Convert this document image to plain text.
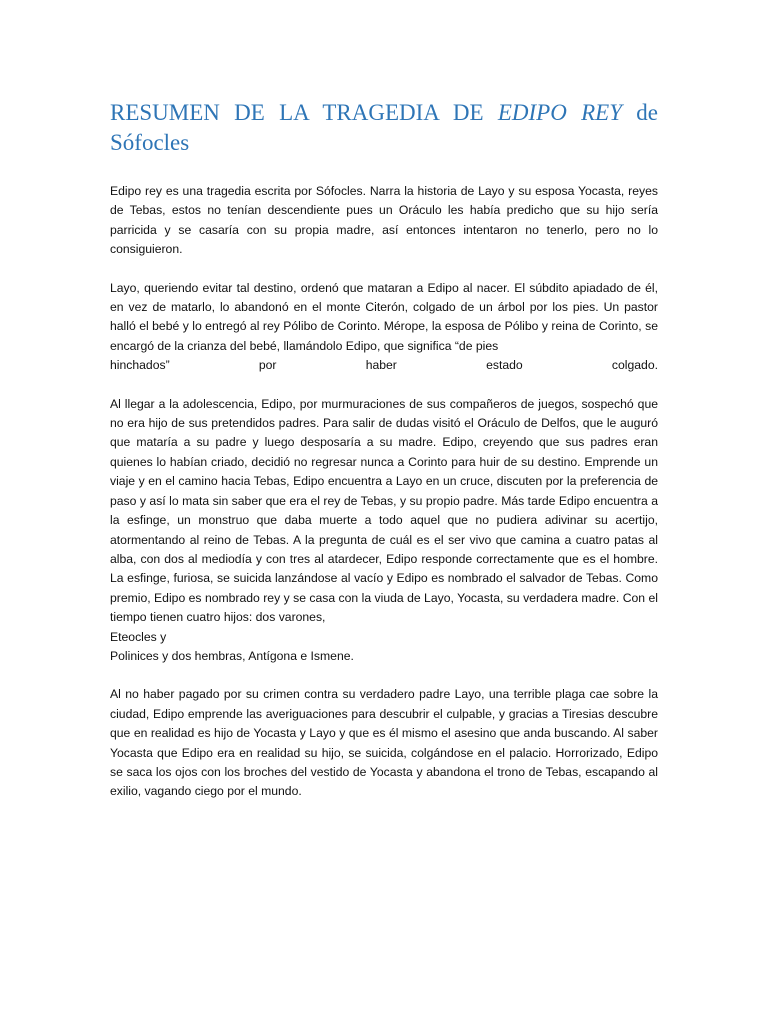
RESUMEN DE LA TRAGEDIA DE EDIPO REY de Sófocles

Edipo rey es una tragedia escrita por Sófocles. Narra la historia de Layo y su esposa Yocasta, reyes de Tebas, estos no tenían descendiente pues un Oráculo les había predicho que su hijo sería parricida y se casaría con su propia madre, así entonces intentaron no tenerlo, pero no lo consiguieron.

Layo, queriendo evitar tal destino, ordenó que mataran a Edipo al nacer. El súbdito apiadado de él, en vez de matarlo, lo abandonó en el monte Citerón, colgado de un árbol por los pies. Un pastor halló el bebé y lo entregó al rey Pólibo de Corinto. Mérope, la esposa de Pólibo y reina de Corinto, se encargó de la crianza del bebé, llamándolo Edipo, que significa “de pies
hinchados” por haber estado colgado.

Al llegar a la adolescencia, Edipo, por murmuraciones de sus compañeros de juegos, sospechó que no era hijo de sus pretendidos padres. Para salir de dudas visitó el Oráculo de Delfos, que le auguró que mataría a su padre y luego desposaría a su madre. Edipo, creyendo que sus padres eran quienes lo habían criado, decidió no regresar nunca a Corinto para huir de su destino. Emprende un viaje y en el camino hacia Tebas, Edipo encuentra a Layo en un cruce, discuten por la preferencia de paso y así lo mata sin saber que era el rey de Tebas, y su propio padre. Más tarde Edipo encuentra a la esfinge, un monstruo que daba muerte a todo aquel que no pudiera adivinar su acertijo, atormentando al reino de Tebas. A la pregunta de cuál es el ser vivo que camina a cuatro patas al alba, con dos al mediodía y con tres al atardecer, Edipo responde correctamente que es el hombre. La esfinge, furiosa, se suicida lanzándose al vacío y Edipo es nombrado el salvador de Tebas. Como premio, Edipo es nombrado rey y se casa con la viuda de Layo, Yocasta, su verdadera madre. Con el tiempo tienen cuatro hijos: dos varones,
Eteocles y
Polinices y dos hembras, Antígona e Ismene.

Al no haber pagado por su crimen contra su verdadero padre Layo, una terrible plaga cae sobre la ciudad, Edipo emprende las averiguaciones para descubrir el culpable, y gracias a Tiresias descubre que en realidad es hijo de Yocasta y Layo y que es él mismo el asesino que anda buscando. Al saber Yocasta que Edipo era en realidad su hijo, se suicida, colgándose en el palacio. Horrorizado, Edipo se saca los ojos con los broches del vestido de Yocasta y abandona el trono de Tebas, escapando al exilio, vagando ciego por el mundo.
